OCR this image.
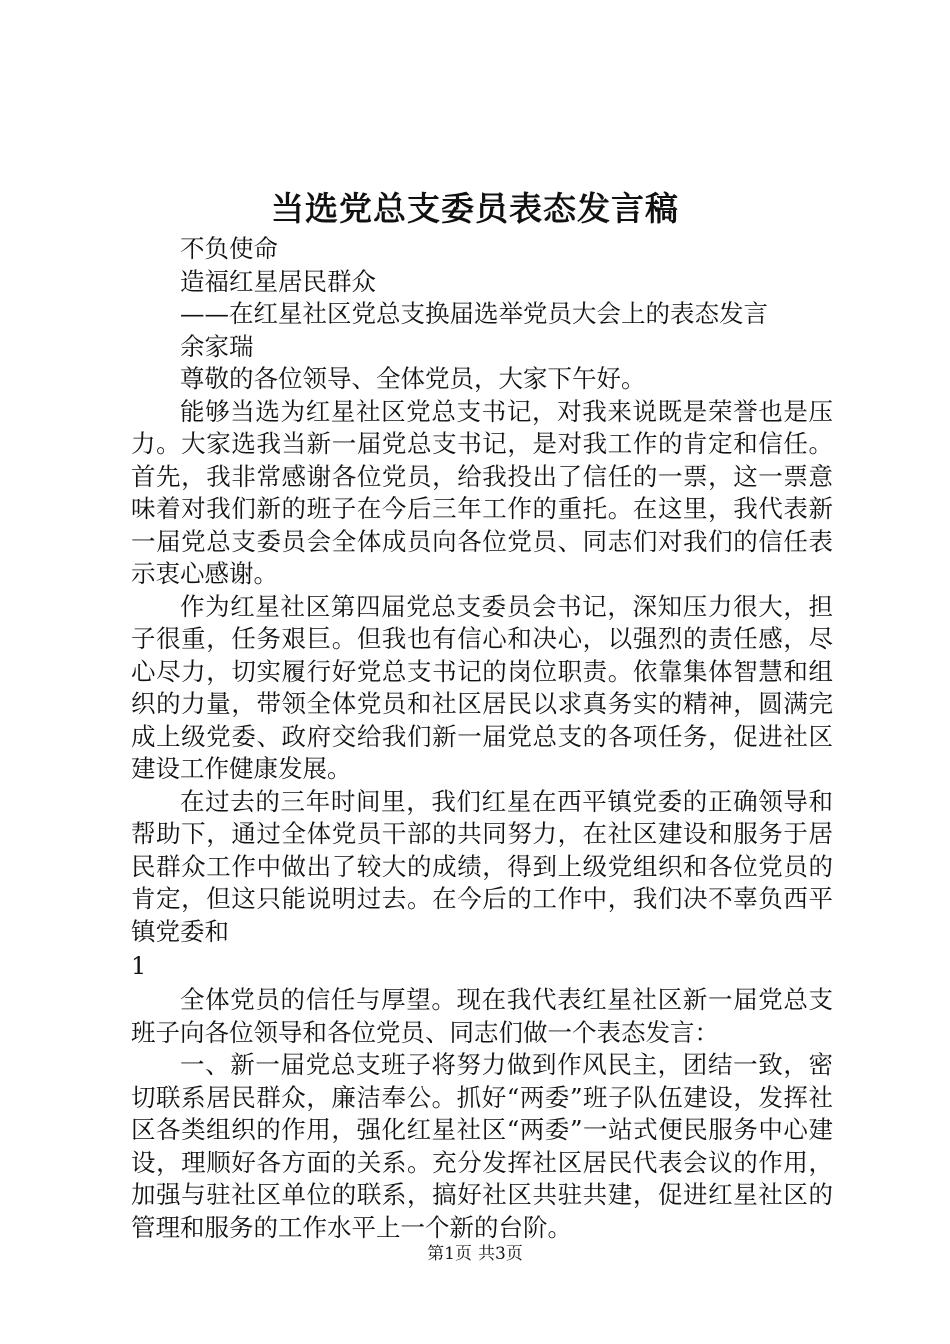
当选党总支委员表态发言稿

不负使命

造福红星居民群众

——在红星社区党总支换届选举党员大会上的表态发言

余家瑞

尊敬的各位领导、全体党员，大家下午好。

能够当选为红星社区党总支书记，对我来说既是荣誉也是压力。大家选我当新一届党总支书记，是对我工作的肯定和信任。首先，我非常感谢各位党员，给我投出了信任的一票，这一票意味着对我们新的班子在今后三年工作的重托。在这里，我代表新一届党总支委员会全体成员向各位党员、同志们对我们的信任表示衷心感谢。

作为红星社区第四届党总支委员会书记，深知压力很大，担子很重，任务艰巨。但我也有信心和决心，以强烈的责任感，尽心尽力，切实履行好党总支书记的岗位职责。依靠集体智慧和组织的力量，带领全体党员和社区居民以求真务实的精神，圆满完成上级党委、政府交给我们新一届党总支的各项任务，促进社区建设工作健康发展。

在过去的三年时间里，我们红星在西平镇党委的正确领导和帮助下，通过全体党员干部的共同努力，在社区建设和服务于居民群众工作中做出了较大的成绩，得到上级党组织和各位党员的肯定，但这只能说明过去。在今后的工作中，我们决不辜负西平镇党委和

1

全体党员的信任与厚望。现在我代表红星社区新一届党总支班子向各位领导和各位党员、同志们做一个表态发言：

一、新一届党总支班子将努力做到作风民主，团结一致，密切联系居民群众，廉洁奉公。抓好“两委”班子队伍建设，发挥社区各类组织的作用，强化红星社区“两委”一站式便民服务中心建设，理顺好各方面的关系。充分发挥社区居民代表会议的作用，加强与驻社区单位的联系，搞好社区共驻共建，促进红星社区的管理和服务的工作水平上一个新的台阶。

第1页 共3页
